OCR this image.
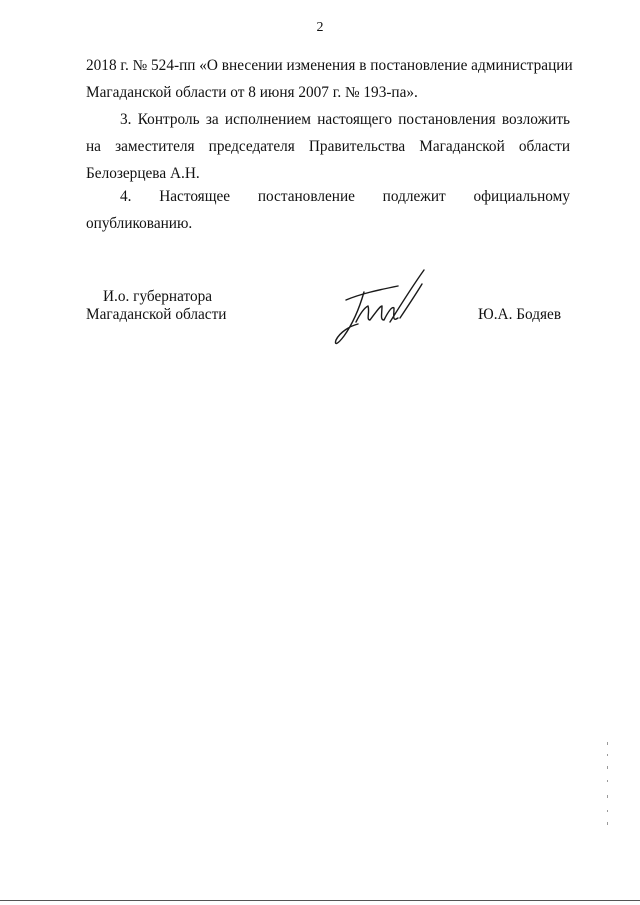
2
2018 г. № 524-пп «О внесении изменения в постановление администрации
Магаданской области от 8 июня 2007 г. № 193-па».
3. Контроль за исполнением настоящего постановления возложить
на заместителя председателя Правительства Магаданской области
Белозерцева А.Н.
4. Настоящее постановление подлежит официальному
опубликованию.
И.о. губернатора
Магаданской области	Ю.А. Бодяев
